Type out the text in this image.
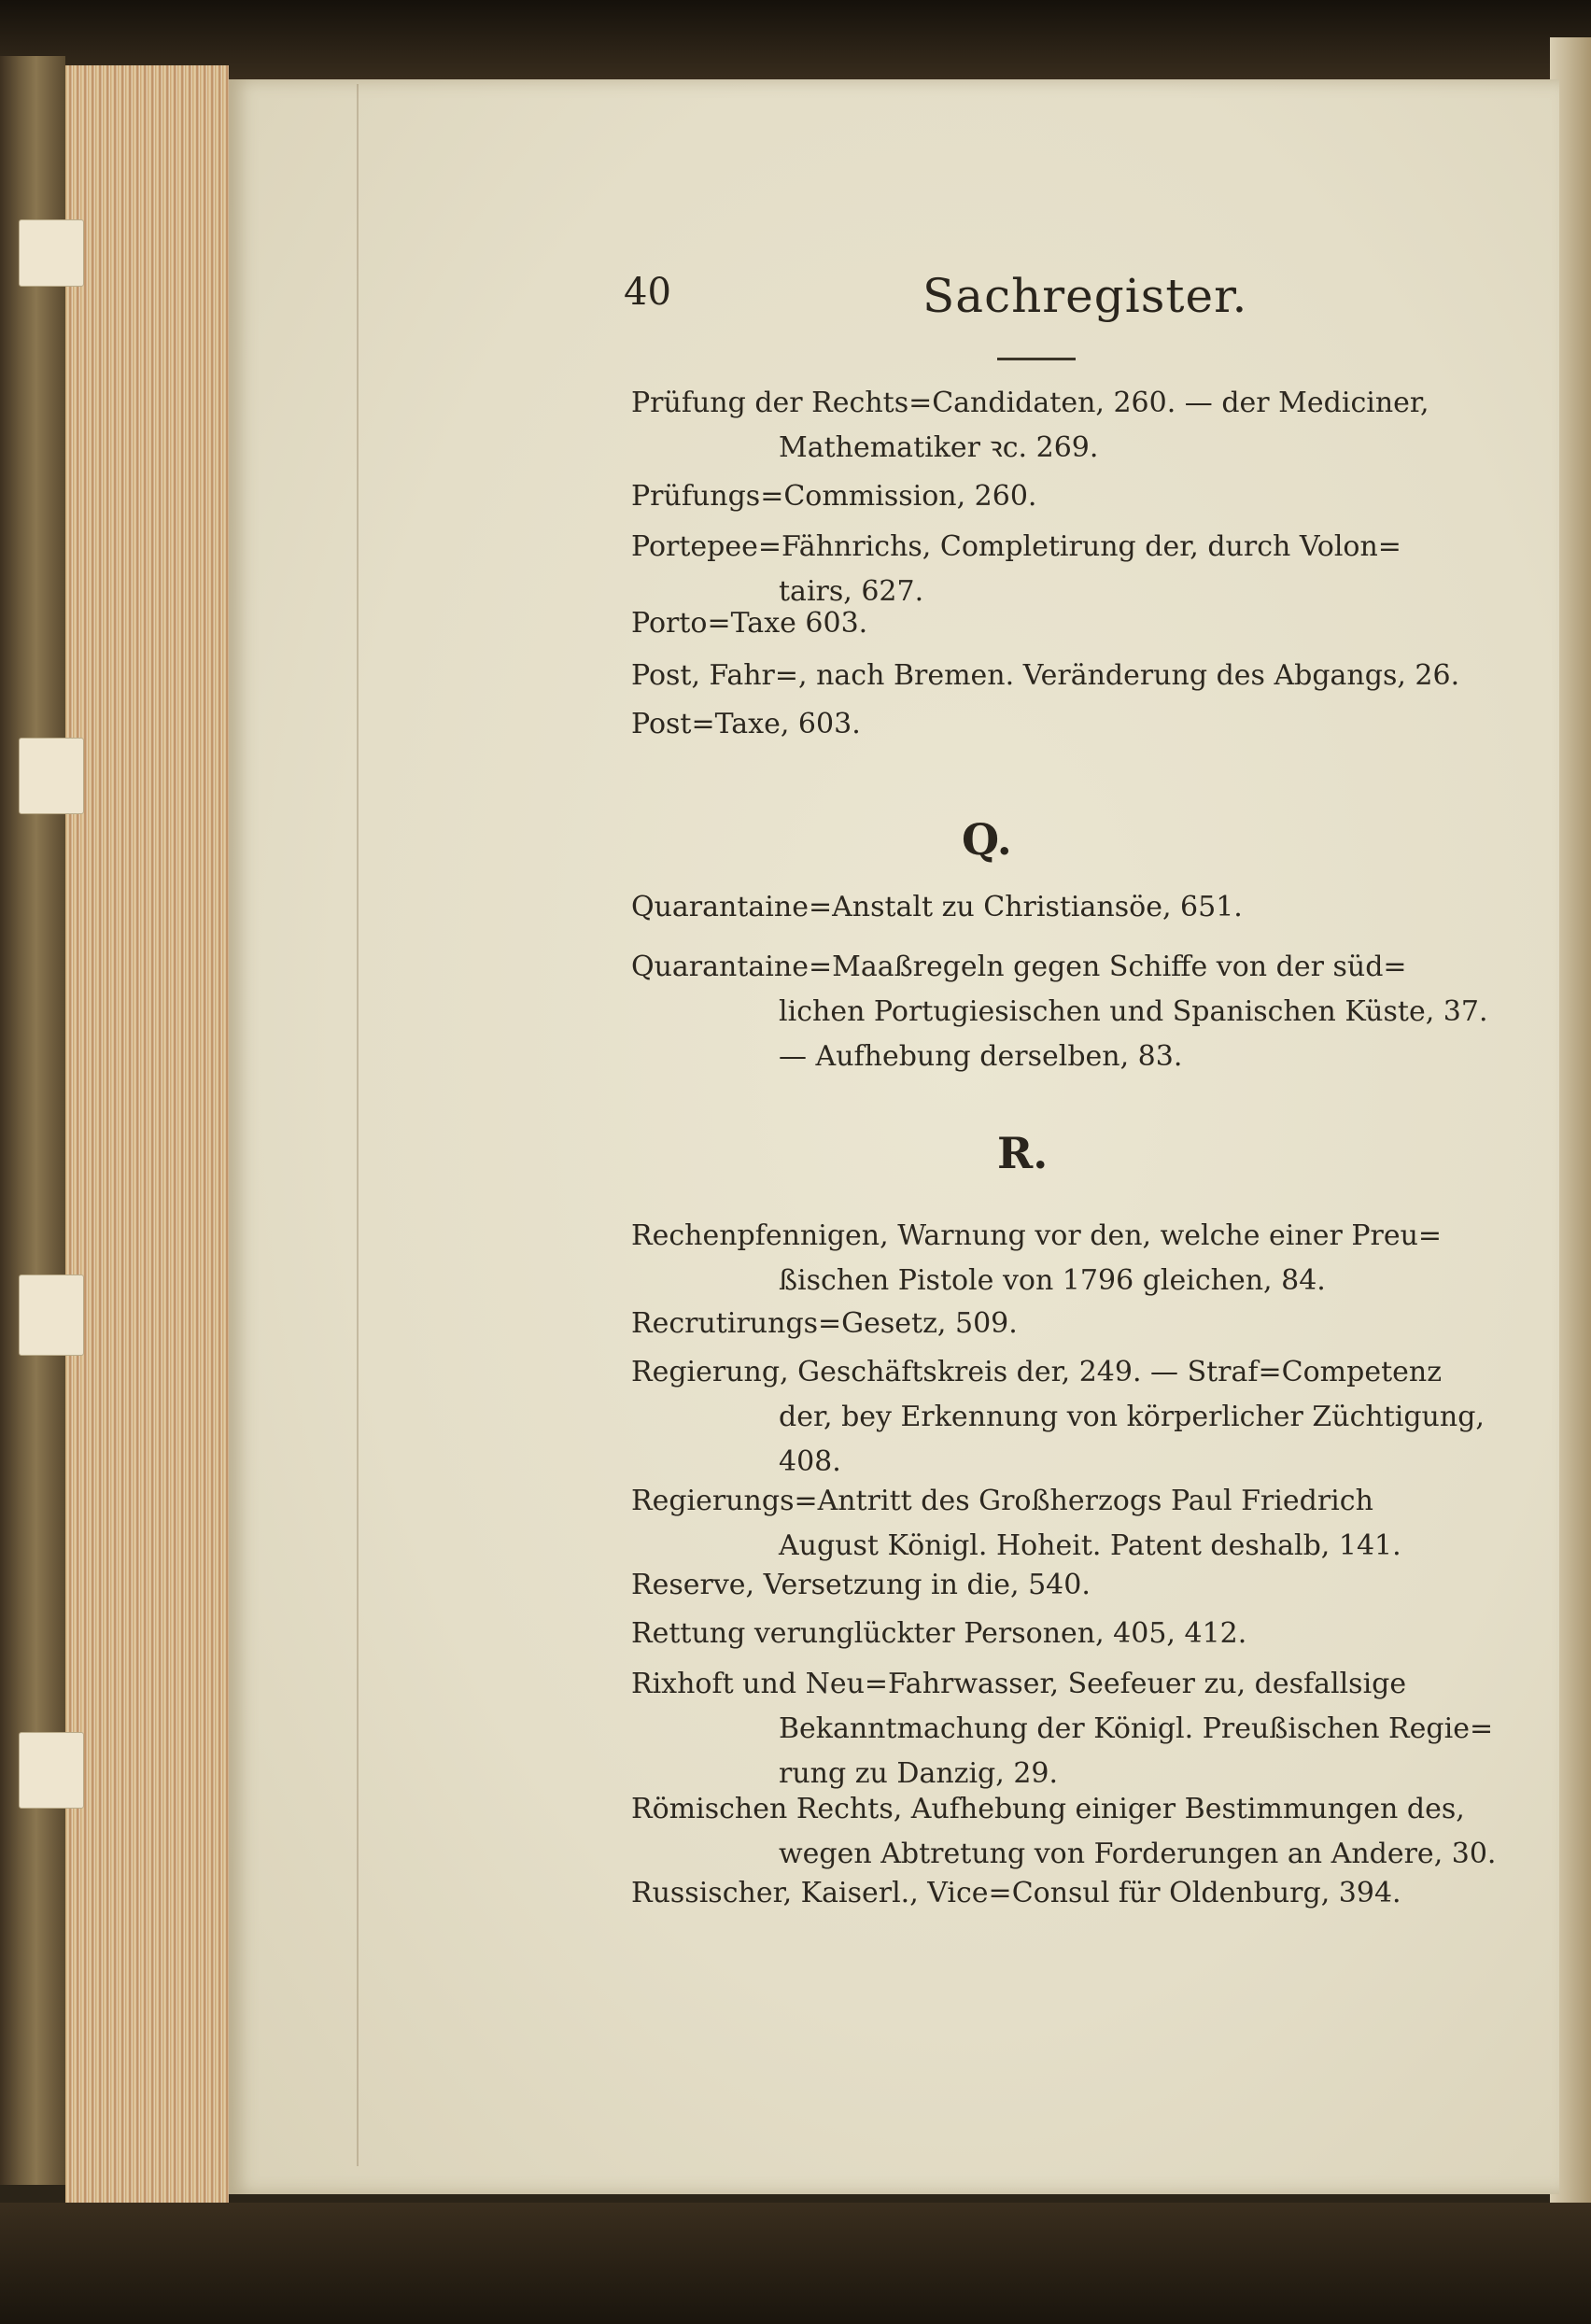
40	Sachregister.
Prüfung der Rechts=Candidaten, 260. — der Mediciner,
Mathematiker ꝛc. 269.
Prüfungs=Commission, 260.
Portepee=Fähnrichs, Completirung der, durch Volon=
tairs, 627.
Porto=Taxe 603.
Post, Fahr=, nach Bremen. Veränderung des Abgangs, 26.
Post=Taxe, 603.
Q.
Quarantaine=Anstalt zu Christiansöe, 651.
Quarantaine=Maaßregeln gegen Schiffe von der süd=
lichen Portugiesischen und Spanischen Küste, 37.
— Aufhebung derselben, 83.
R.
Rechenpfennigen, Warnung vor den, welche einer Preu=
ßischen Pistole von 1796 gleichen, 84.
Recrutirungs=Gesetz, 509.
Regierung, Geschäftskreis der, 249. — Straf=Competenz
der, bey Erkennung von körperlicher Züchtigung,
408.
Regierungs=Antritt des Großherzogs Paul Friedrich
August Königl. Hoheit. Patent deshalb, 141.
Reserve, Versetzung in die, 540.
Rettung verunglückter Personen, 405, 412.
Rixhoft und Neu=Fahrwasser, Seefeuer zu, desfallsige
Bekanntmachung der Königl. Preußischen Regie=
rung zu Danzig, 29.
Römischen Rechts, Aufhebung einiger Bestimmungen des,
wegen Abtretung von Forderungen an Andere, 30.
Russischer, Kaiserl., Vice=Consul für Oldenburg, 394.
